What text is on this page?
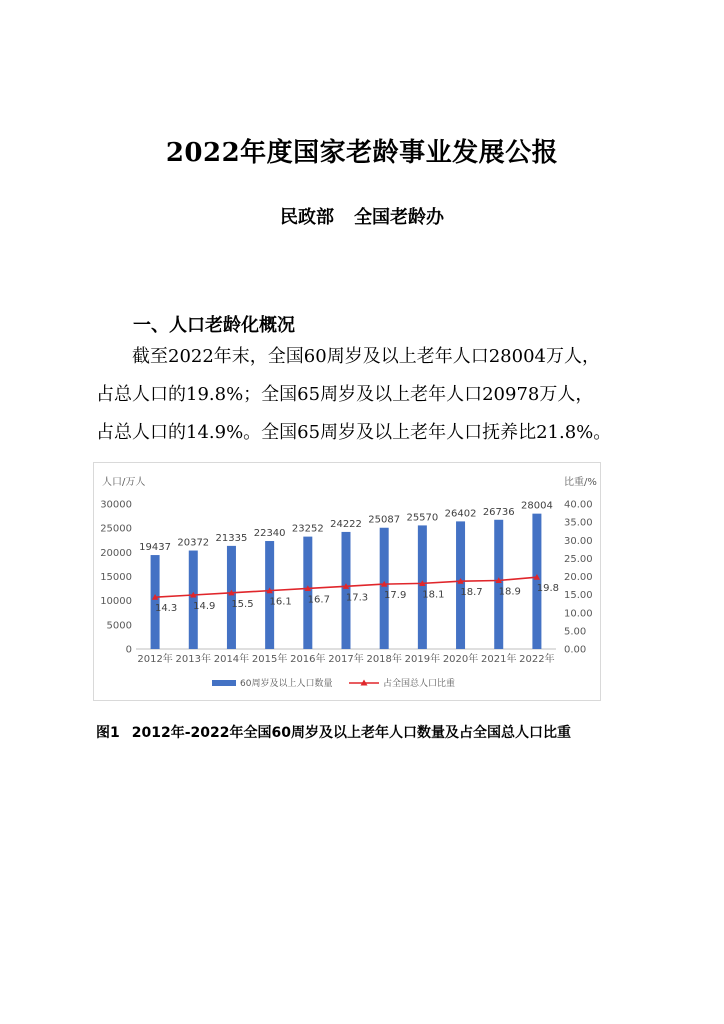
2022年度国家老龄事业发展公报
民政部 全国老龄办
一、人口老龄化概况
截至2022年末，全国60周岁及以上老年人口28004万人，
占总人口的19.8%；全国65周岁及以上老年人口20978万人，
占总人口的14.9%。全国65周岁及以上老年人口抚养比21.8%。
人口/万人	比重/%
0
5000
10000
15000
20000
25000
30000
0.00
5.00
10.00
15.00
20.00
25.00
30.00
35.00
40.00
19437 20372 21335 22340 23252 24222 25087 25570 26402 26736
28004
2012年 2013年 2014年 2015年 2016年 2017年 2018年 2019年 2020年 2021年 2022年
14.3 14.9 15.5 16.1 16.7 17.3 17.9 18.1 18.7 18.9 19.8
60周岁及以上人口数量	占全国总人口比重
图1 2012年-2022年全国60周岁及以上老年人口数量及占全国总人口比重
